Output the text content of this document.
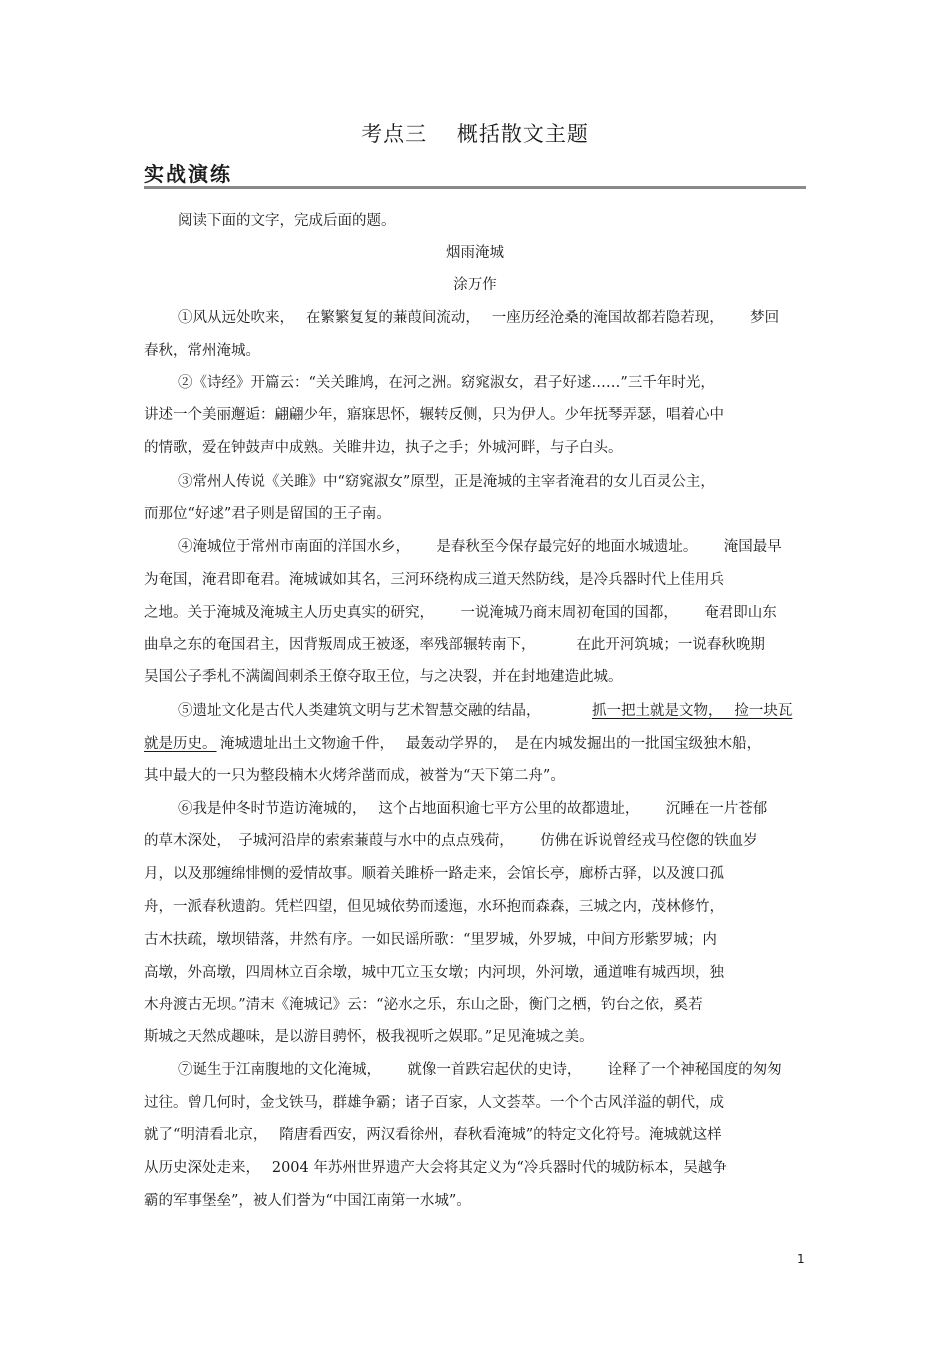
考点三　 概括散文主题
实战演练
阅读下面的文字，完成后面的题。
烟雨淹城
涂万作
①风从远处吹来，　 在繁繁复复的蒹葭间流动，　 一座历经沧桑的淹国故都若隐若现，　　 梦回
春秋，常州淹城。
②《诗经》开篇云：“关关雎鸠，在河之洲。窈窕淑女，君子好逑……”三千年时光，
讲述一个美丽邂逅：翩翩少年，寤寐思怀，辗转反侧，只为伊人。少年抚琴弄瑟，唱着心中
的情歌，爱在钟鼓声中成熟。关睢井边，执子之手；外城河畔，与子白头。
③常州人传说《关雎》中“窈窕淑女”原型，正是淹城的主宰者淹君的女儿百灵公主，
而那位“好逑”君子则是留国的王子南。
④淹城位于常州市南面的洋国水乡，　　 是春秋至今保存最完好的地面水城遗址。　　 淹国最早
为奄国，淹君即奄君。淹城诚如其名，三河环绕构成三道天然防线，是冷兵器时代上佳用兵
之地。关于淹城及淹城主人历史真实的研究，　　 一说淹城乃商末周初奄国的国都，　　 奄君即山东
曲阜之东的奄国君主，因背叛周成王被逐，率残部辗转南下，　　　 在此开河筑城；一说春秋晚期
吴国公子季札不满阖闾刺杀王僚夺取王位，与之决裂，并在封地建造此城。
⑤遗址文化是古代人类建筑文明与艺术智慧交融的结晶，　　　 抓一把土就是文物，　 捡一块瓦
就是历史。 淹城遗址出土文物逾千件，　 最轰动学界的，　是在内城发掘出的一批国宝级独木船，
其中最大的一只为整段楠木火烤斧凿而成，被誉为“天下第二舟”。
⑥我是仲冬时节造访淹城的，　 这个占地面积逾七平方公里的故都遗址，　　 沉睡在一片苍郁
的草木深处，　子城河沿岸的索索蒹葭与水中的点点残荷，　　 仿佛在诉说曾经戎马倥偬的铁血岁
月，以及那缠绵悱恻的爱情故事。顺着关雎桥一路走来，会馆长亭，廊桥古驿，以及渡口孤
舟，一派春秋遗韵。凭栏四望，但见城依势而逶迤，水环抱而森森，三城之内，茂林修竹，
古木扶疏，墩坝错落，井然有序。一如民谣所歌：“里罗城，外罗城，中间方形紫罗城；内
高墩，外高墩，四周林立百余墩，城中兀立玉女墩；内河坝，外河墩，通道唯有城西坝，独
木舟渡古无坝。”清末《淹城记》云：“泌水之乐，东山之卧，衡门之栖，钓台之依，奚若
斯城之天然成趣味，是以游目骋怀，极我视听之娱耶。”足见淹城之美。
⑦诞生于江南腹地的文化淹城，　　 就像一首跌宕起伏的史诗，　　 诠释了一个神秘国度的匆匆
过往。曾几何时，金戈铁马，群雄争霸；诸子百家，人文荟萃。一个个古风洋溢的朝代，成
就了“明清看北京，　 隋唐看西安，两汉看徐州，春秋看淹城”的特定文化符号。淹城就这样
从历史深处走来，　 2004 年苏州世界遗产大会将其定义为“冷兵器时代的城防标本，吴越争
霸的军事堡垒”，被人们誉为“中国江南第一水城”。
1
